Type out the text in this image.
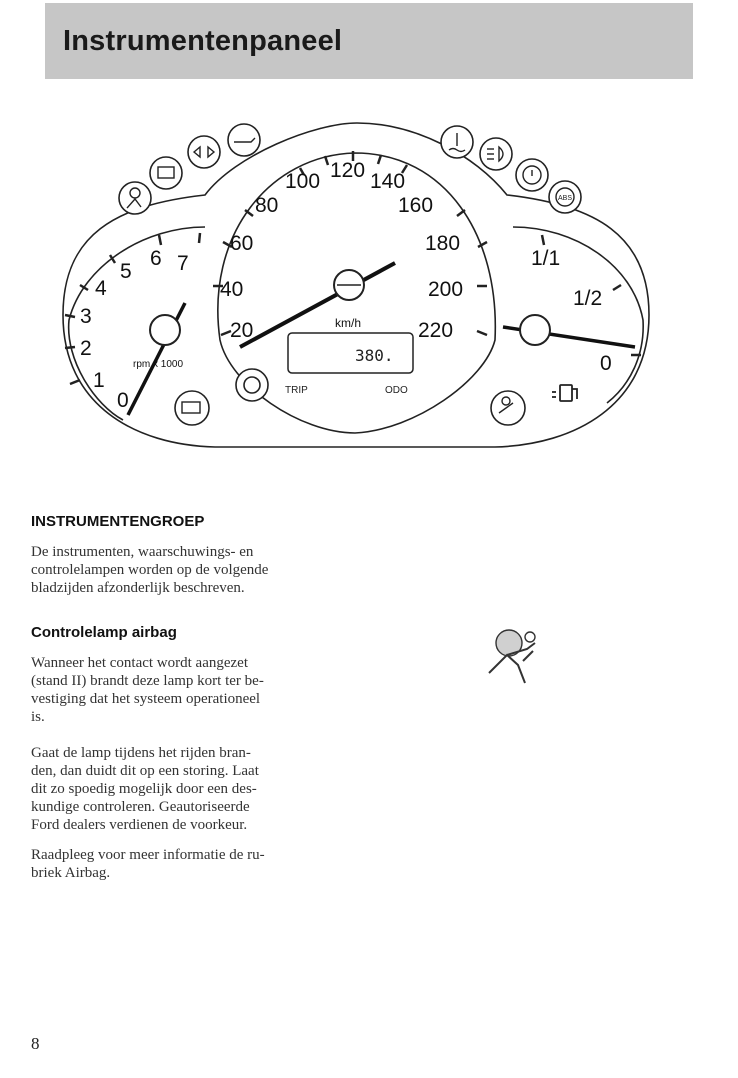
Instrumentenpaneel
20
40
60
80
100 120 140
160
180
200
220
km/h
380.
TRIP	ODO
0
1
2
3
4
5
6 7
rpm x 1000
1/1
1/2
0
ABS
INSTRUMENTENGROEP

De instrumenten, waarschuwings- en
controlelampen worden op de volgende
bladzijden afzonderlijk beschreven.

Controlelamp airbag

Wanneer het contact wordt aangezet
(stand II) brandt deze lamp kort ter be-
vestiging dat het systeem operationeel
is.

Gaat de lamp tijdens het rijden bran-
den, dan duidt dit op een storing. Laat
dit zo spoedig mogelijk door een des-
kundige controleren. Geautoriseerde
Ford dealers verdienen de voorkeur.

Raadpleeg voor meer informatie de ru-
briek Airbag.

8
